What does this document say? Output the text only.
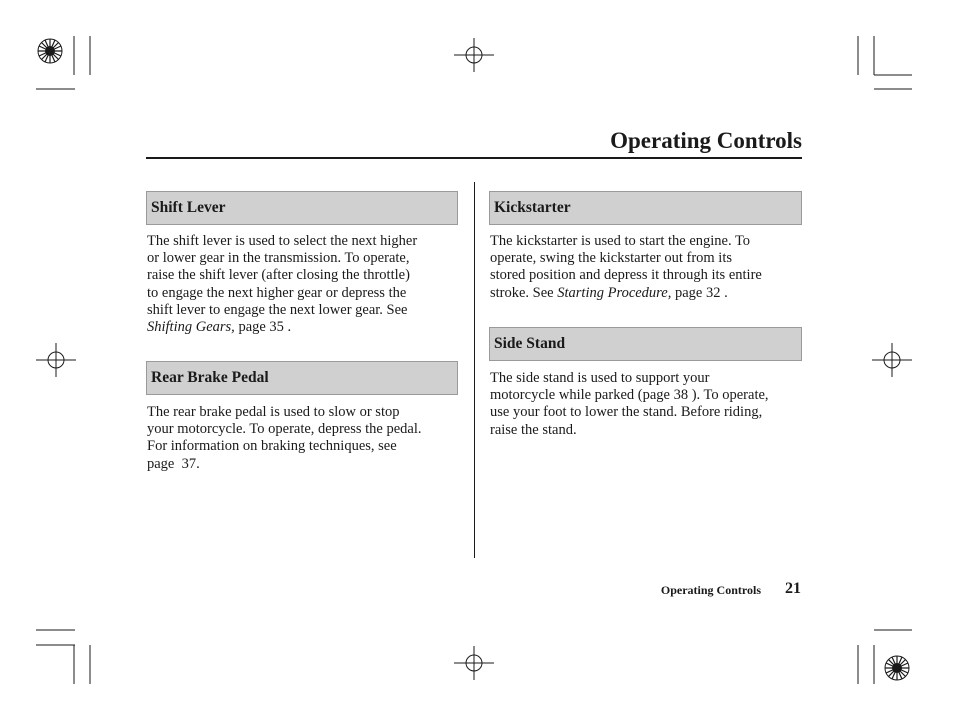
Operating Controls
Shift Lever
The shift lever is used to select the next higher
or lower gear in the transmission. To operate,
raise the shift lever (after closing the throttle)
to engage the next higher gear or depress the
shift lever to engage the next lower gear. See
Shifting Gears, page 35 .
Rear Brake Pedal
The rear brake pedal is used to slow or stop
your motorcycle. To operate, depress the pedal.
For information on braking techniques, see
page  37.
Kickstarter
The kickstarter is used to start the engine. To
operate, swing the kickstarter out from its
stored position and depress it through its entire
stroke. See Starting Procedure, page 32 .
Side Stand
The side stand is used to support your
motorcycle while parked (page 38 ). To operate,
use your foot to lower the stand. Before riding,
raise the stand.
Operating Controls	21
